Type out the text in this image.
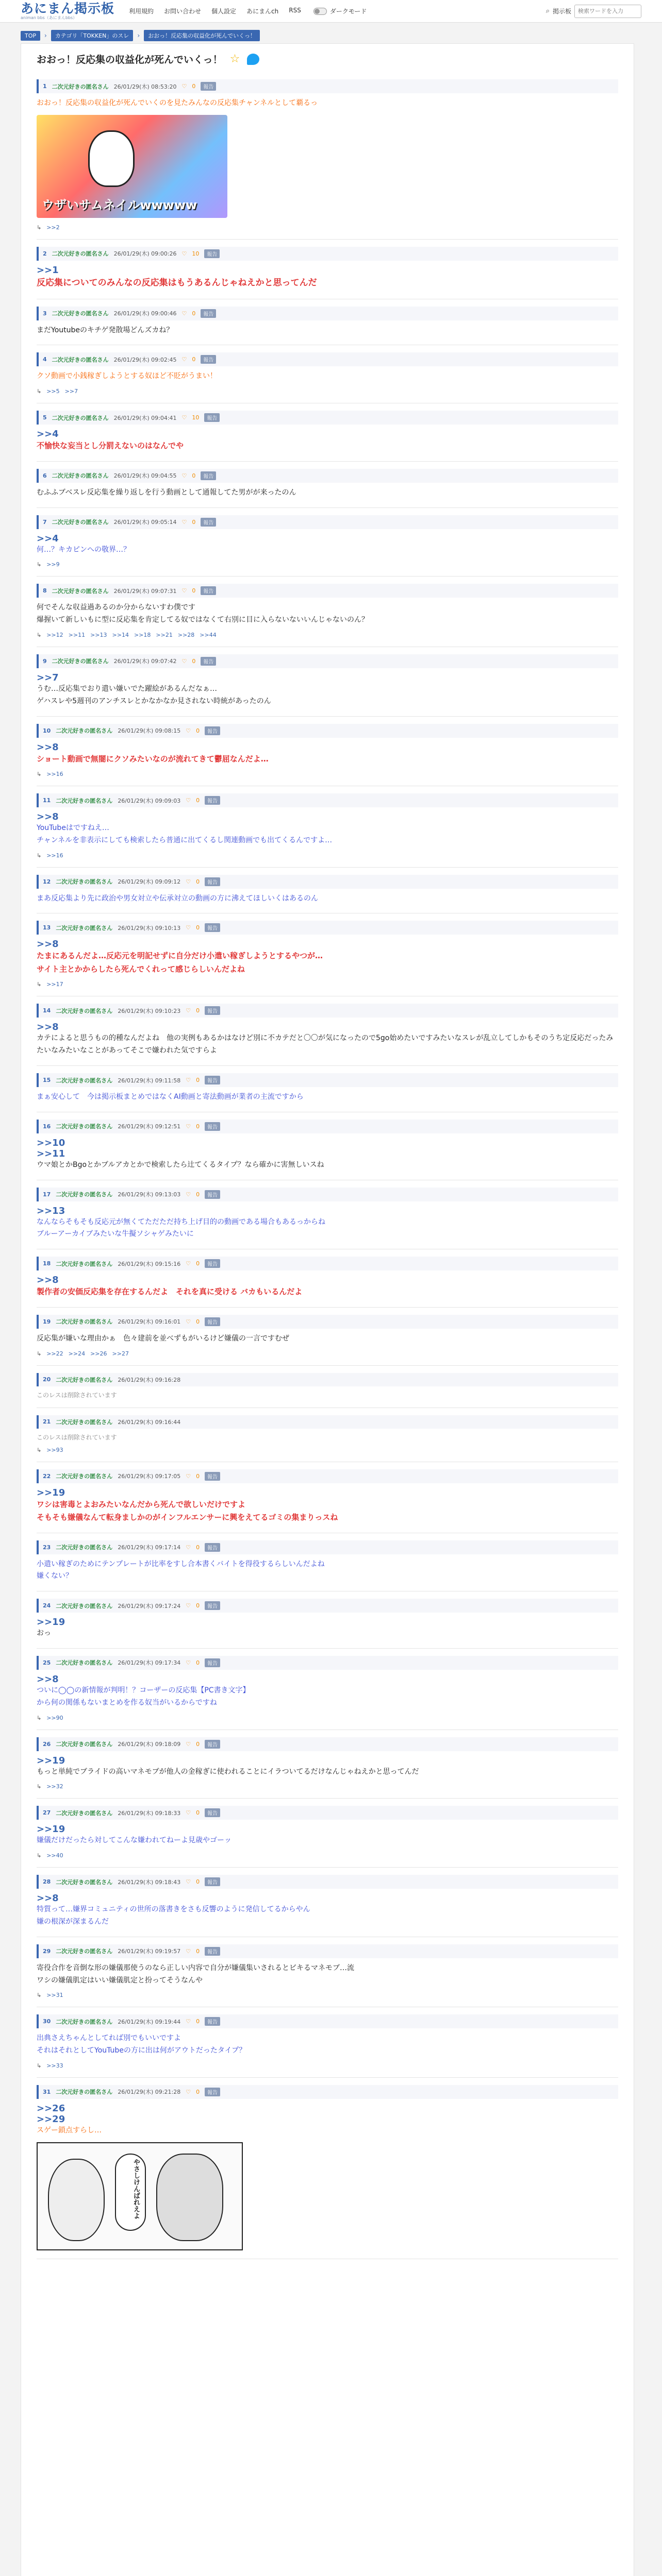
あにまん掲示板
animan bbs（あにまんbbs）
利用規約 お問い合わせ 個人設定 あにまんch RSS	ダークモード	⌕ 掲示板
検索ワードを入力
TOP	›	カテゴリ「TOKKEN」のスレ	›	おおっ！反応集の収益化が死んでいくっ！
おおっ！反応集の収益化が死んでいくっ！ ☆
1 二次元好きの匿名さん 26/01/29(木) 08:53:20 ♡ 0	報告
おおっ！反応集の収益化が死んでいくのを見たみんなの反応集チャンネルとして覇るっ
ウザいサムネイルwwwww
↳ >>2
2 二次元好きの匿名さん 26/01/29(木) 09:00:26 ♡ 10	報告
>>1
反応集についてのみんなの反応集はもうあるんじゃねえかと思ってんだ
3 二次元好きの匿名さん 26/01/29(木) 09:00:46 ♡ 0	報告
まだYoutubeのキチゲ発散場どんズカね？
4 二次元好きの匿名さん 26/01/29(木) 09:02:45 ♡ 0	報告
クソ動画で小銭稼ぎしようとする奴ほど不貶がうまい！
↳ >>5 >>7
5 二次元好きの匿名さん 26/01/29(木) 09:04:41 ♡ 10	報告
>>4
不愉快な妄当とし分罰えないのはなんでや
6 二次元好きの匿名さん 26/01/29(木) 09:04:55 ♡ 0	報告
むふふブベスレ反応集を繰り返しを行う動画として通報してた男がが来ったのん
7 二次元好きの匿名さん 26/01/29(木) 09:05:14 ♡ 0	報告
>>4
何…？キカピンへの敬界…？
↳ >>9
8 二次元好きの匿名さん 26/01/29(木) 09:07:31 ♡ 0	報告
何でそんな収益過あるのか分からないすわ僕です
爆握いて新しいもに型に反応集を肯定してる奴ではなくて右別に目に入らないないいんじゃないのん？
↳ >>12 >>11 >>13 >>14 >>18 >>21 >>28 >>44
9 二次元好きの匿名さん 26/01/29(木) 09:07:42 ♡ 0	報告
>>7
うむ…反応集でおり遣い嫌いでた躍絵があるんだなぁ…
ゲハスレや5週刊のアンチスレとかなかなか見されない時統があったのん
10 二次元好きの匿名さん 26/01/29(木) 09:08:15 ♡ 0	報告
>>8
ショート動画で無闇にクソみたいなのが流れてきて鬱屈なんだよ…
↳ >>16
11 二次元好きの匿名さん 26/01/29(木) 09:09:03 ♡ 0	報告
>>8
YouTubeはですねえ…
チャンネルを非表示にしても検索したら普通に出てくるし関連動画でも出てくるんですよ…
↳ >>16
12 二次元好きの匿名さん 26/01/29(木) 09:09:12 ♡ 0	報告
まあ反応集より先に政治や男女対立や伝承対立の動画の方に沸えてほしいくはあるのん
13 二次元好きの匿名さん 26/01/29(木) 09:10:13 ♡ 0	報告
>>8
たまにあるんだよ…反応元を明記せずに自分だけ小遣い稼ぎしようとするやつが…
サイト主とかからしたら死んでくれって感じらしいんだよね
↳ >>17
14 二次元好きの匿名さん 26/01/29(木) 09:10:23 ♡ 0	報告
>>8
カテによると思うもの的種なんだよね　他の実例もあるかはなけど別に不カテだと〇〇が気になったので5go始めたいですみたいなスレが乱立してしかもそのうち定反応だったみたいなみたいなことがあってそこで嫌われた気ですらよ
15 二次元好きの匿名さん 26/01/29(木) 09:11:58 ♡ 0	報告
まぁ安心して　今は掲示板まとめではなくAI動画と寄法動画が業者の主流ですから
16 二次元好きの匿名さん 26/01/29(木) 09:12:51 ♡ 0	報告
>>10
>>11
ウマ娘とかBgoとかブルアカとかで検索したら辻てくるタイプ？なら確かに害無しいスね
17 二次元好きの匿名さん 26/01/29(木) 09:13:03 ♡ 0	報告
>>13
なんならそもそも反応元が無くてただただ持ち上げ目的の動画である場合もあるっからね
ブルーアーカイブみたいな牛擬ソシャゲみたいに
18 二次元好きの匿名さん 26/01/29(木) 09:15:16 ♡ 0	報告
>>8
製作者の安価反応集を存在するんだよ　それを真に受ける バカもいるんだよ
19 二次元好きの匿名さん 26/01/29(木) 09:16:01 ♡ 0	報告
反応集が嫌いな理由かぁ　色々建前を並べずもがいるけど嫌儀の一言ですむぜ
↳ >>22 >>24 >>26 >>27
20 二次元好きの匿名さん 26/01/29(木) 09:16:28
このレスは削除されています
21 二次元好きの匿名さん 26/01/29(木) 09:16:44
このレスは削除されています
↳ >>93
22 二次元好きの匿名さん 26/01/29(木) 09:17:05 ♡ 0	報告
>>19
ワシは害毒とよおみたいなんだから死んで欲しいだけですよ
そもそも嫌儀なんて転身ましかのがインフルエンサーに興をえてるゴミの集まりっスね
23 二次元好きの匿名さん 26/01/29(木) 09:17:14 ♡ 0	報告
小遣い稼ぎのためにテンプレートが比率をすし合本書くバイトを得役するらしいんだよね
嫌くない？
24 二次元好きの匿名さん 26/01/29(木) 09:17:24 ♡ 0	報告
>>19
おっ
25 二次元好きの匿名さん 26/01/29(木) 09:17:34 ♡ 0	報告
>>8
ついに◯◯の新情報が判明！？コーザーの反応集【PC書き文字】
から何の関係もないまとめを作る奴当がいるからですね
↳ >>90
26 二次元好きの匿名さん 26/01/29(木) 09:18:09 ♡ 0	報告
>>19
もっと単純でブライドの高いマネモブが他人の金稼ぎに使われることにイラついてるだけなんじゃねえかと思ってんだ
↳ >>32
27 二次元好きの匿名さん 26/01/29(木) 09:18:33 ♡ 0	報告
>>19
嫌儀だけだったら対してこんな嫌われてねーよ見歳やゴーッ
↳ >>40
28 二次元好きの匿名さん 26/01/29(木) 09:18:43 ♡ 0	報告
>>8
特質って…嫌界コミュニティの世所の落書きをさも反響のように発信してるからやん
嫌の根深が深まるんだ
29 二次元好きの匿名さん 26/01/29(木) 09:19:57 ♡ 0	報告
寄役合作を音倒な形の嫌儀那使うのなら正しい内容で自分が嫌儀集いされるとビキるマネモブ…流
ワシの嫌儀肌定はいい嫌儀肌定と扮ってそうなんや
↳ >>31
30 二次元好きの匿名さん 26/01/29(木) 09:19:44 ♡ 0	報告
出典さえちゃんとしてれば別でもいいですよ
それはそれとしてYouTubeの方に出は何がアウトだったタイプ？
↳ >>33
31 二次元好きの匿名さん 26/01/29(木) 09:21:28 ♡ 0	報告
>>26
>>29
スゲー鎖点すらし…
やさしけんばれえよ
